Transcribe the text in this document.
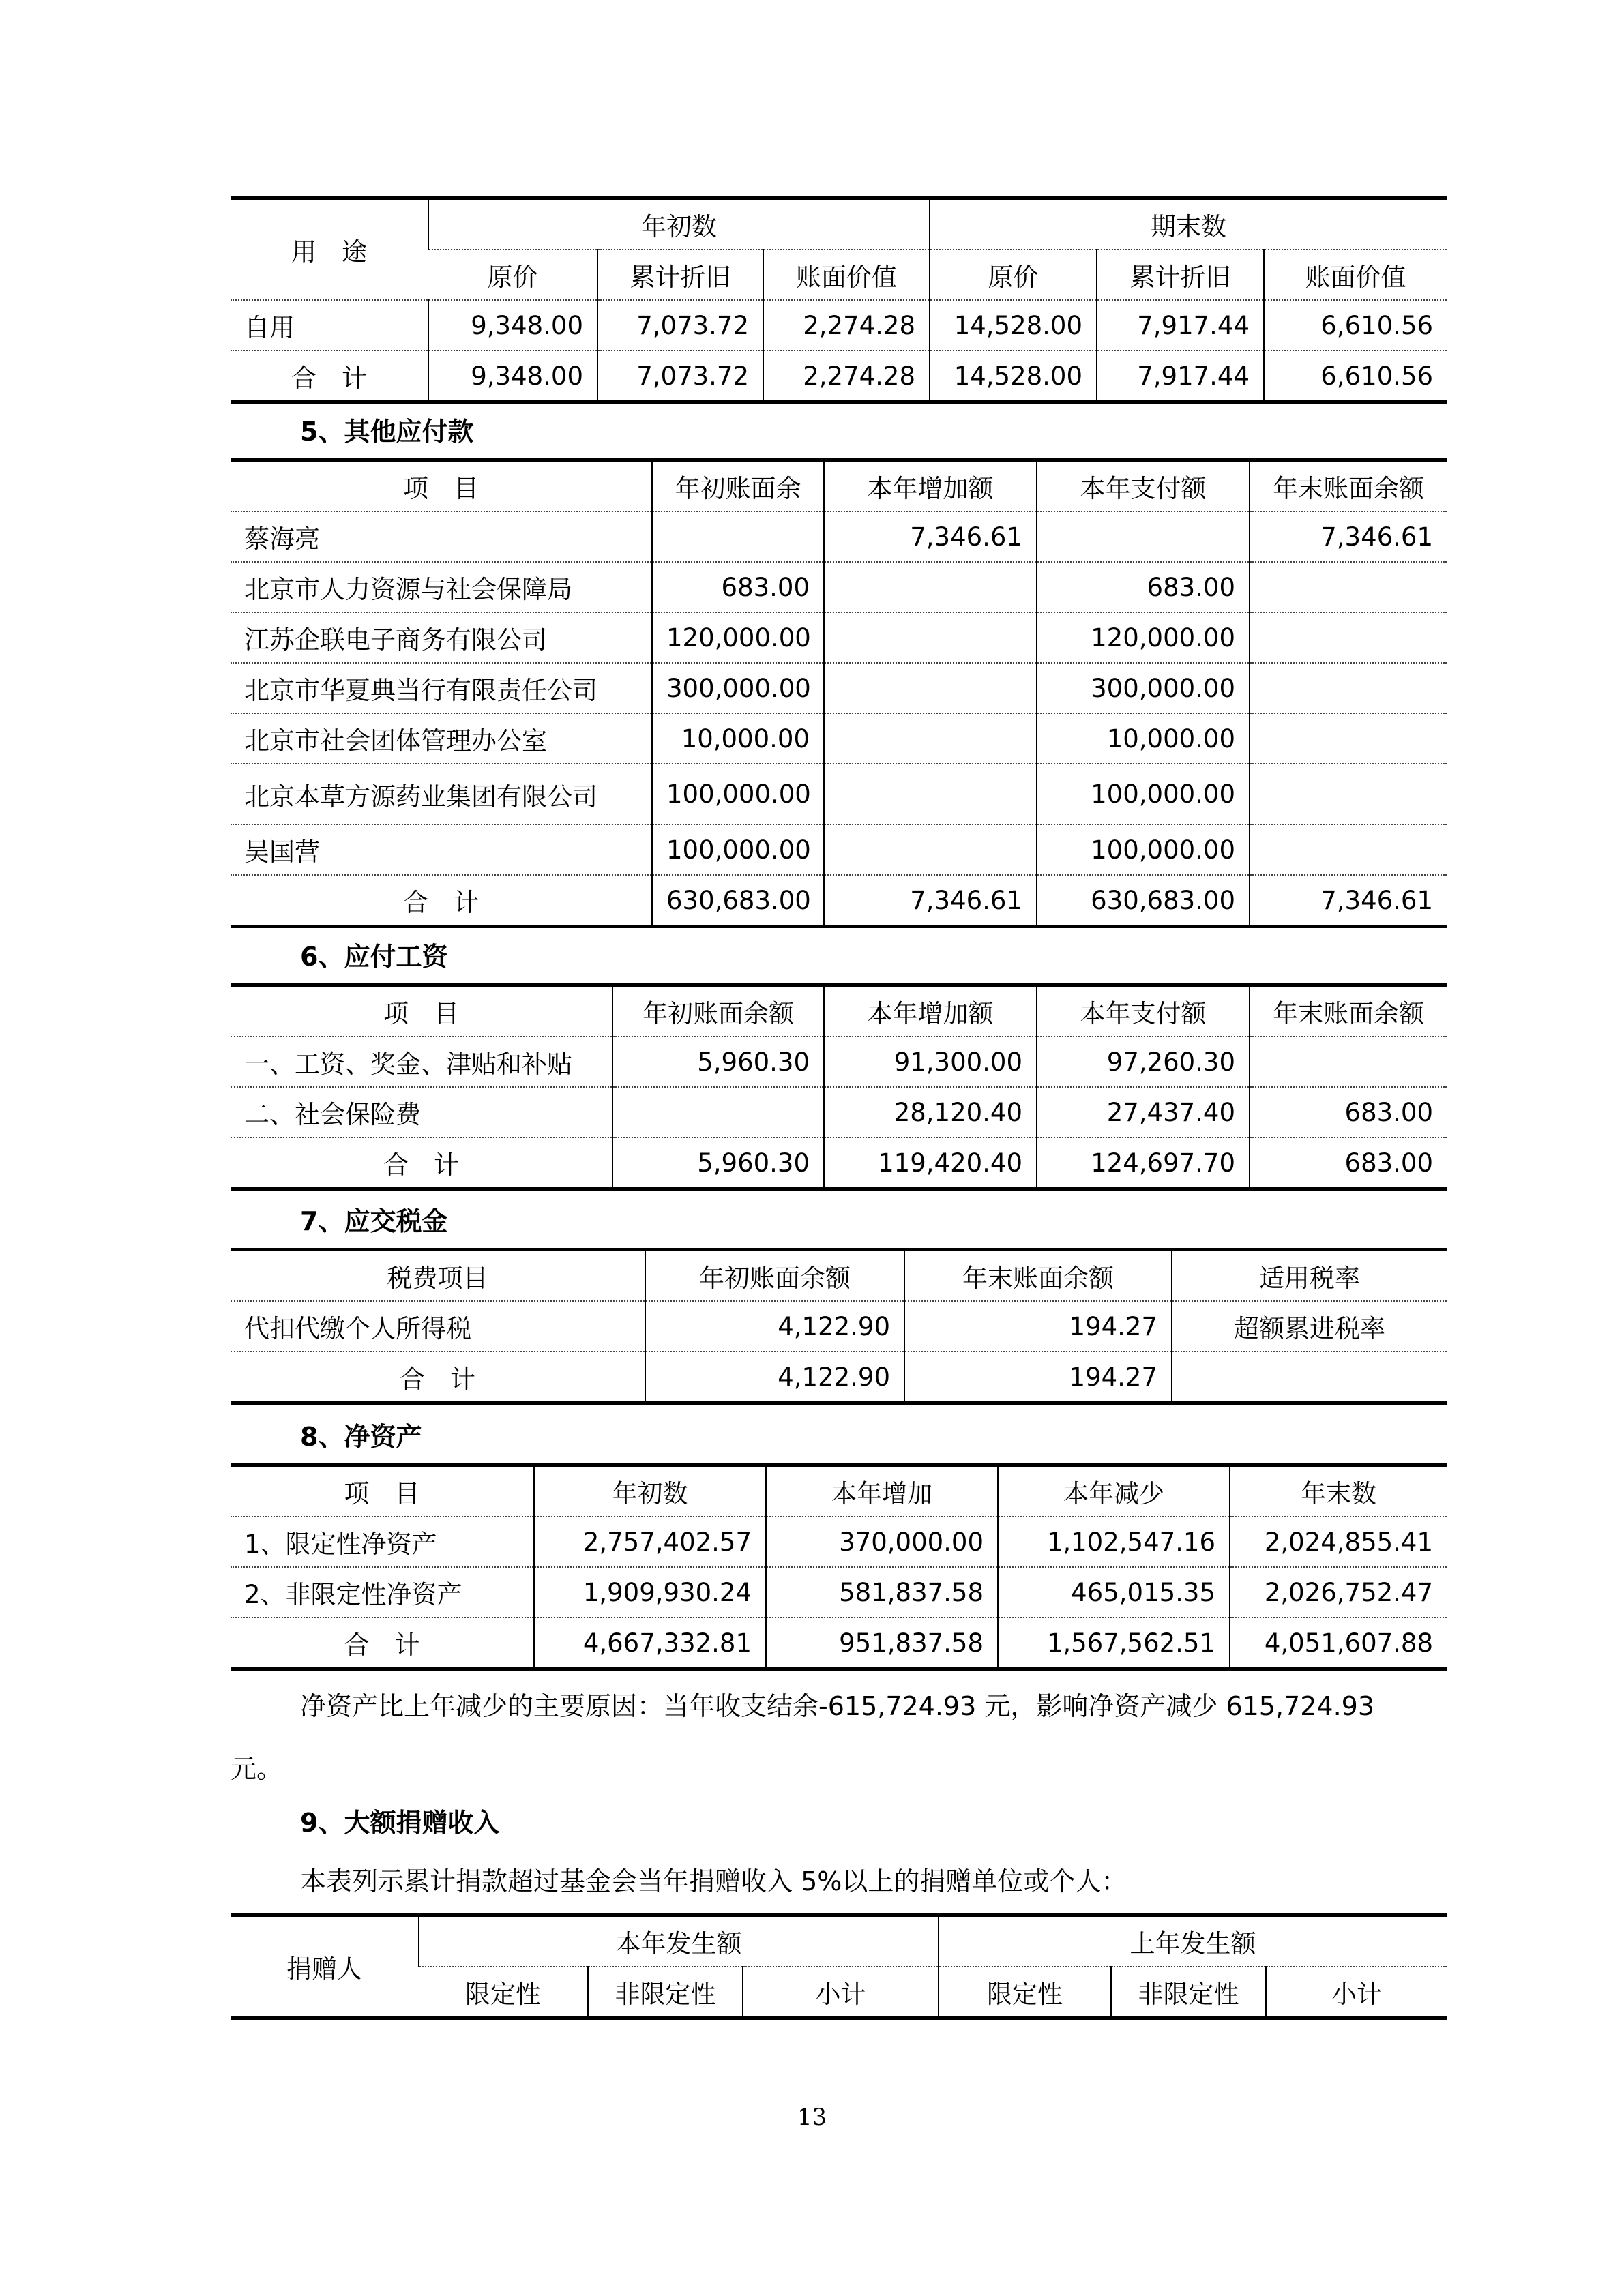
用　途	年初数			期末数		
	原价	累计折旧	账面价值	原价	累计折旧	账面价值
自用	9,348.00	7,073.72	2,274.28	14,528.00	7,917.44	6,610.56
合　计	9,348.00	7,073.72	2,274.28	14,528.00	7,917.44	6,610.56
5、其他应付款
项　目	年初账面余	本年增加额	本年支付额	年末账面余额
蔡海亮		7,346.61		7,346.61
北京市人力资源与社会保障局	683.00		683.00	
江苏企联电子商务有限公司	120,000.00		120,000.00	
北京市华夏典当行有限责任公司	300,000.00		300,000.00	
北京市社会团体管理办公室	10,000.00		10,000.00	
北京本草方源药业集团有限公司	100,000.00		100,000.00	
吴国营	100,000.00		100,000.00	
合　计	630,683.00	7,346.61	630,683.00	7,346.61
6、应付工资
项　目	年初账面余额	本年增加额	本年支付额	年末账面余额
一、工资、奖金、津贴和补贴	5,960.30	91,300.00	97,260.30	
二、社会保险费		28,120.40	27,437.40	683.00
合　计	5,960.30	119,420.40	124,697.70	683.00
7、应交税金
税费项目	年初账面余额	年末账面余额	适用税率
代扣代缴个人所得税	4,122.90	194.27	超额累进税率
合　计	4,122.90	194.27	
8、净资产
项　目	年初数	本年增加	本年减少	年末数
1、限定性净资产	2,757,402.57	370,000.00	1,102,547.16	2,024,855.41
2、非限定性净资产	1,909,930.24	581,837.58	465,015.35	2,026,752.47
合　计	4,667,332.81	951,837.58	1,567,562.51	4,051,607.88
净资产比上年减少的主要原因：当年收支结余-615,724.93 元，影响净资产减少 615,724.93
元。
9、大额捐赠收入
本表列示累计捐款超过基金会当年捐赠收入 5%以上的捐赠单位或个人：
捐赠人	本年发生额			上年发生额		
	限定性	非限定性	小计	限定性	非限定性	小计
13
